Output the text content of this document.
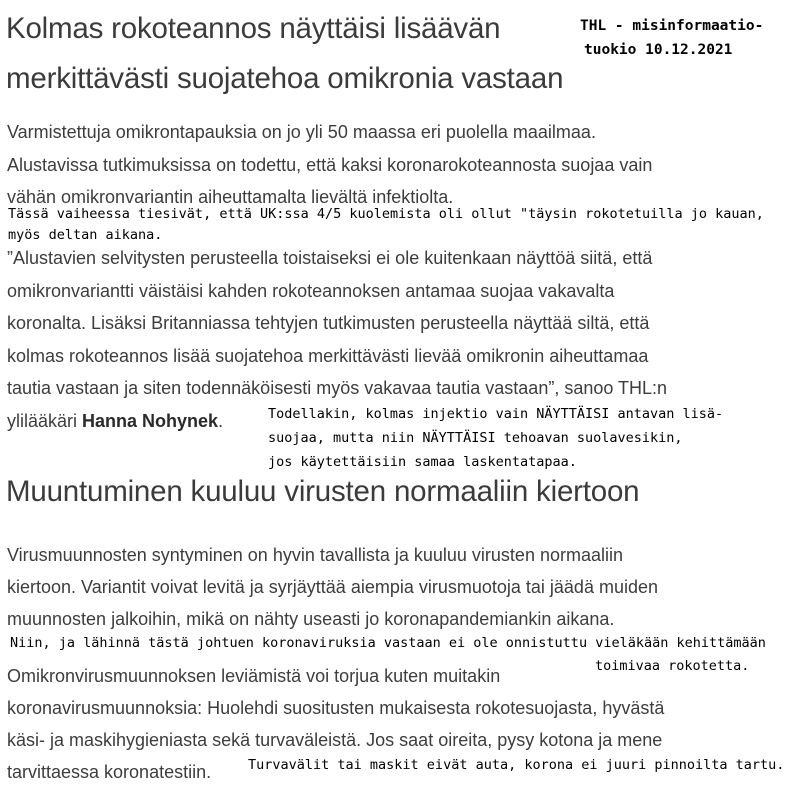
Kolmas rokoteannos näyttäisi lisäävän
merkittävästi suojatehoa omikronia vastaan
THL - misinformaatio-
tuokio 10.12.2021

Varmistettuja omikrontapauksia on jo yli 50 maassa eri puolella maailmaa.
Alustavissa tutkimuksissa on todettu, että kaksi koronarokoteannosta suojaa vain
vähän omikronvariantin aiheuttamalta lievältä infektiolta.

Tässä vaiheessa tiesivät, että UK:ssa 4/5 kuolemista oli ollut "täysin rokotetuilla jo kauan,
myös deltan aikana.

”Alustavien selvitysten perusteella toistaiseksi ei ole kuitenkaan näyttöä siitä, että
omikronvariantti väistäisi kahden rokoteannoksen antamaa suojaa vakavalta
koronalta. Lisäksi Britanniassa tehtyjen tutkimusten perusteella näyttää siltä, että
kolmas rokoteannos lisää suojatehoa merkittävästi lievää omikronin aiheuttamaa
tautia vastaan ja siten todennäköisesti myös vakavaa tautia vastaan”, sanoo THL:n
ylilääkäri Hanna Nohynek.	Todellakin, kolmas injektio vain NÄYTTÄISI antavan lisä-
suojaa, mutta niin NÄYTTÄISI tehoavan suolavesikin,
jos käytettäisiin samaa laskentatapaa.
Muuntuminen kuuluu virusten normaaliin kiertoon

Virusmuunnosten syntyminen on hyvin tavallista ja kuuluu virusten normaaliin
kiertoon. Variantit voivat levitä ja syrjäyttää aiempia virusmuotoja tai jäädä muiden
muunnosten jalkoihin, mikä on nähty useasti jo koronapandemiankin aikana.

Niin, ja lähinnä tästä johtuen koronaviruksia vastaan ei ole onnistuttu vieläkään kehittämään

Omikronvirusmuunnoksen leviämistä voi torjua kuten muitakin
koronavirusmuunnoksia: Huolehdi suositusten mukaisesta rokotesuojasta, hyvästä
käsi- ja maskihygieniasta sekä turvaväleistä. Jos saat oireita, pysy kotona ja mene
tarvittaessa koronatestiin.

toimivaa rokotetta.
Turvavälit tai maskit eivät auta, korona ei juuri pinnoilta tartu.
